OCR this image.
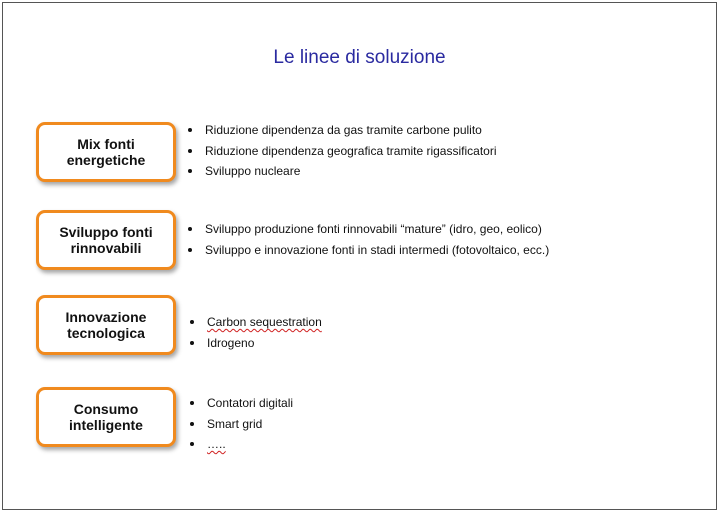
Le linee di soluzione
Mix fonti energetiche
Riduzione dipendenza da gas tramite carbone pulito
Riduzione dipendenza geografica tramite rigassificatori
Sviluppo nucleare
Sviluppo fonti rinnovabili
Sviluppo produzione fonti rinnovabili “mature” (idro, geo, eolico)
Sviluppo e innovazione fonti in stadi intermedi (fotovoltaico, ecc.)
Innovazione tecnologica
Carbon sequestration
Idrogeno
Consumo intelligente
Contatori digitali
Smart grid
…..
